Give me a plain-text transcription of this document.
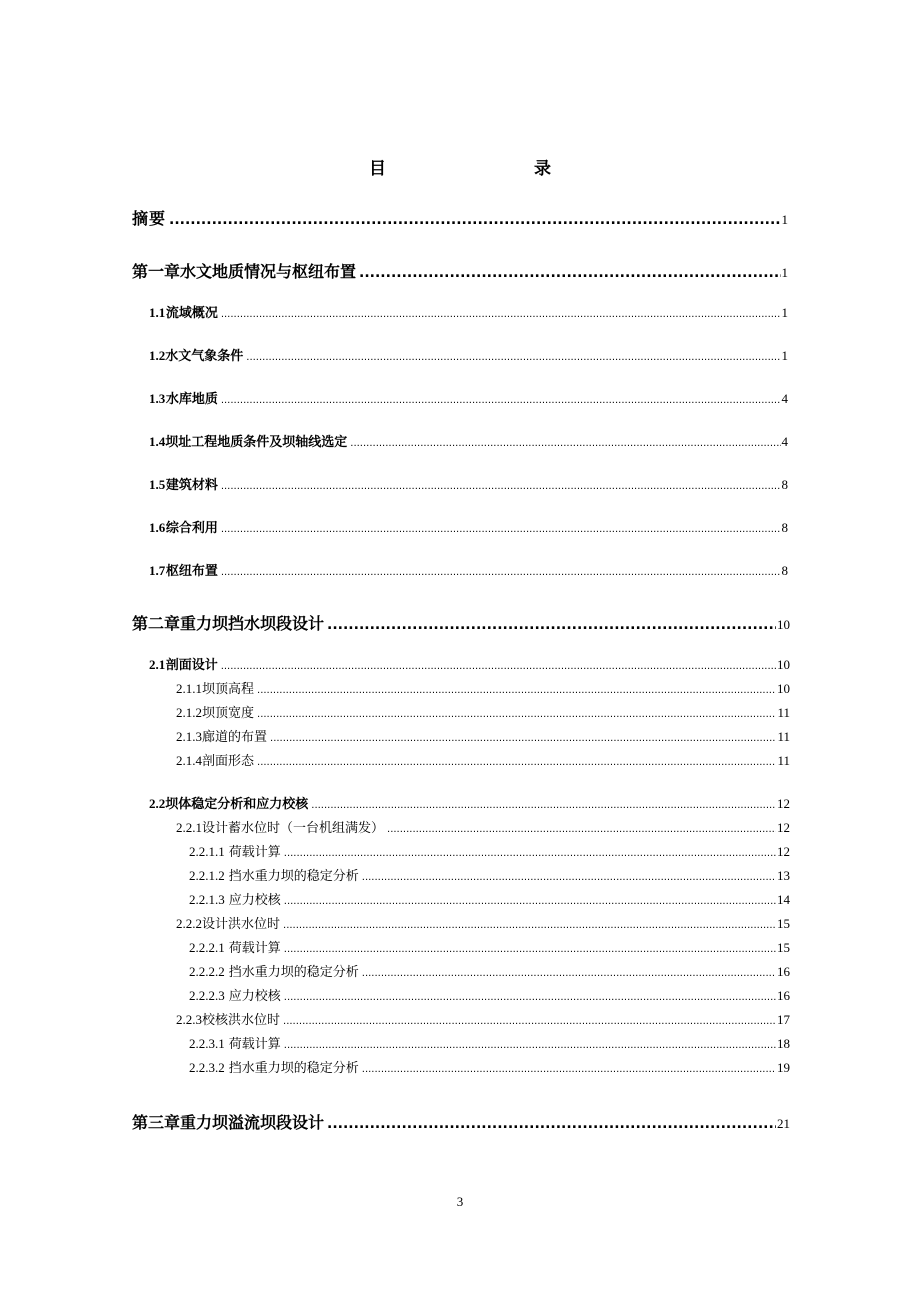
目　　录
摘要 .....	1
第一章 水文地质情况与枢纽布置 .....	1
1.1 流域概况 .....	1
1.2 水文气象条件 .....	1
1.3 水库地质 .....	4
1.4 坝址工程地质条件及坝轴线选定 .....	4
1.5 建筑材料 .....	8
1.6 综合利用 .....	8
1.7 枢纽布置 .....	8
第二章 重力坝挡水坝段设计 .....	10
2.1 剖面设计 .....	10
2.1.1 坝顶高程 .....	10
2.1.2 坝顶宽度 .....	11
2.1.3 廊道的布置 .....	11
2.1.4 剖面形态 .....	11
2.2 坝体稳定分析和应力校核 .....	12
2.2.1 设计蓄水位时（一台机组满发） .....	12
2.2.1.1 荷载计算 .....	12
2.2.1.2 挡水重力坝的稳定分析 .....	13
2.2.1.3 应力校核 .....	14
2.2.2 设计洪水位时 .....	15
2.2.2.1 荷载计算 .....	15
2.2.2.2 挡水重力坝的稳定分析 .....	16
2.2.2.3 应力校核 .....	16
2.2.3 校核洪水位时 .....	17
2.2.3.1 荷载计算 .....	18
2.2.3.2 挡水重力坝的稳定分析 .....	19
第三章 重力坝溢流坝段设计 .....	21
3
